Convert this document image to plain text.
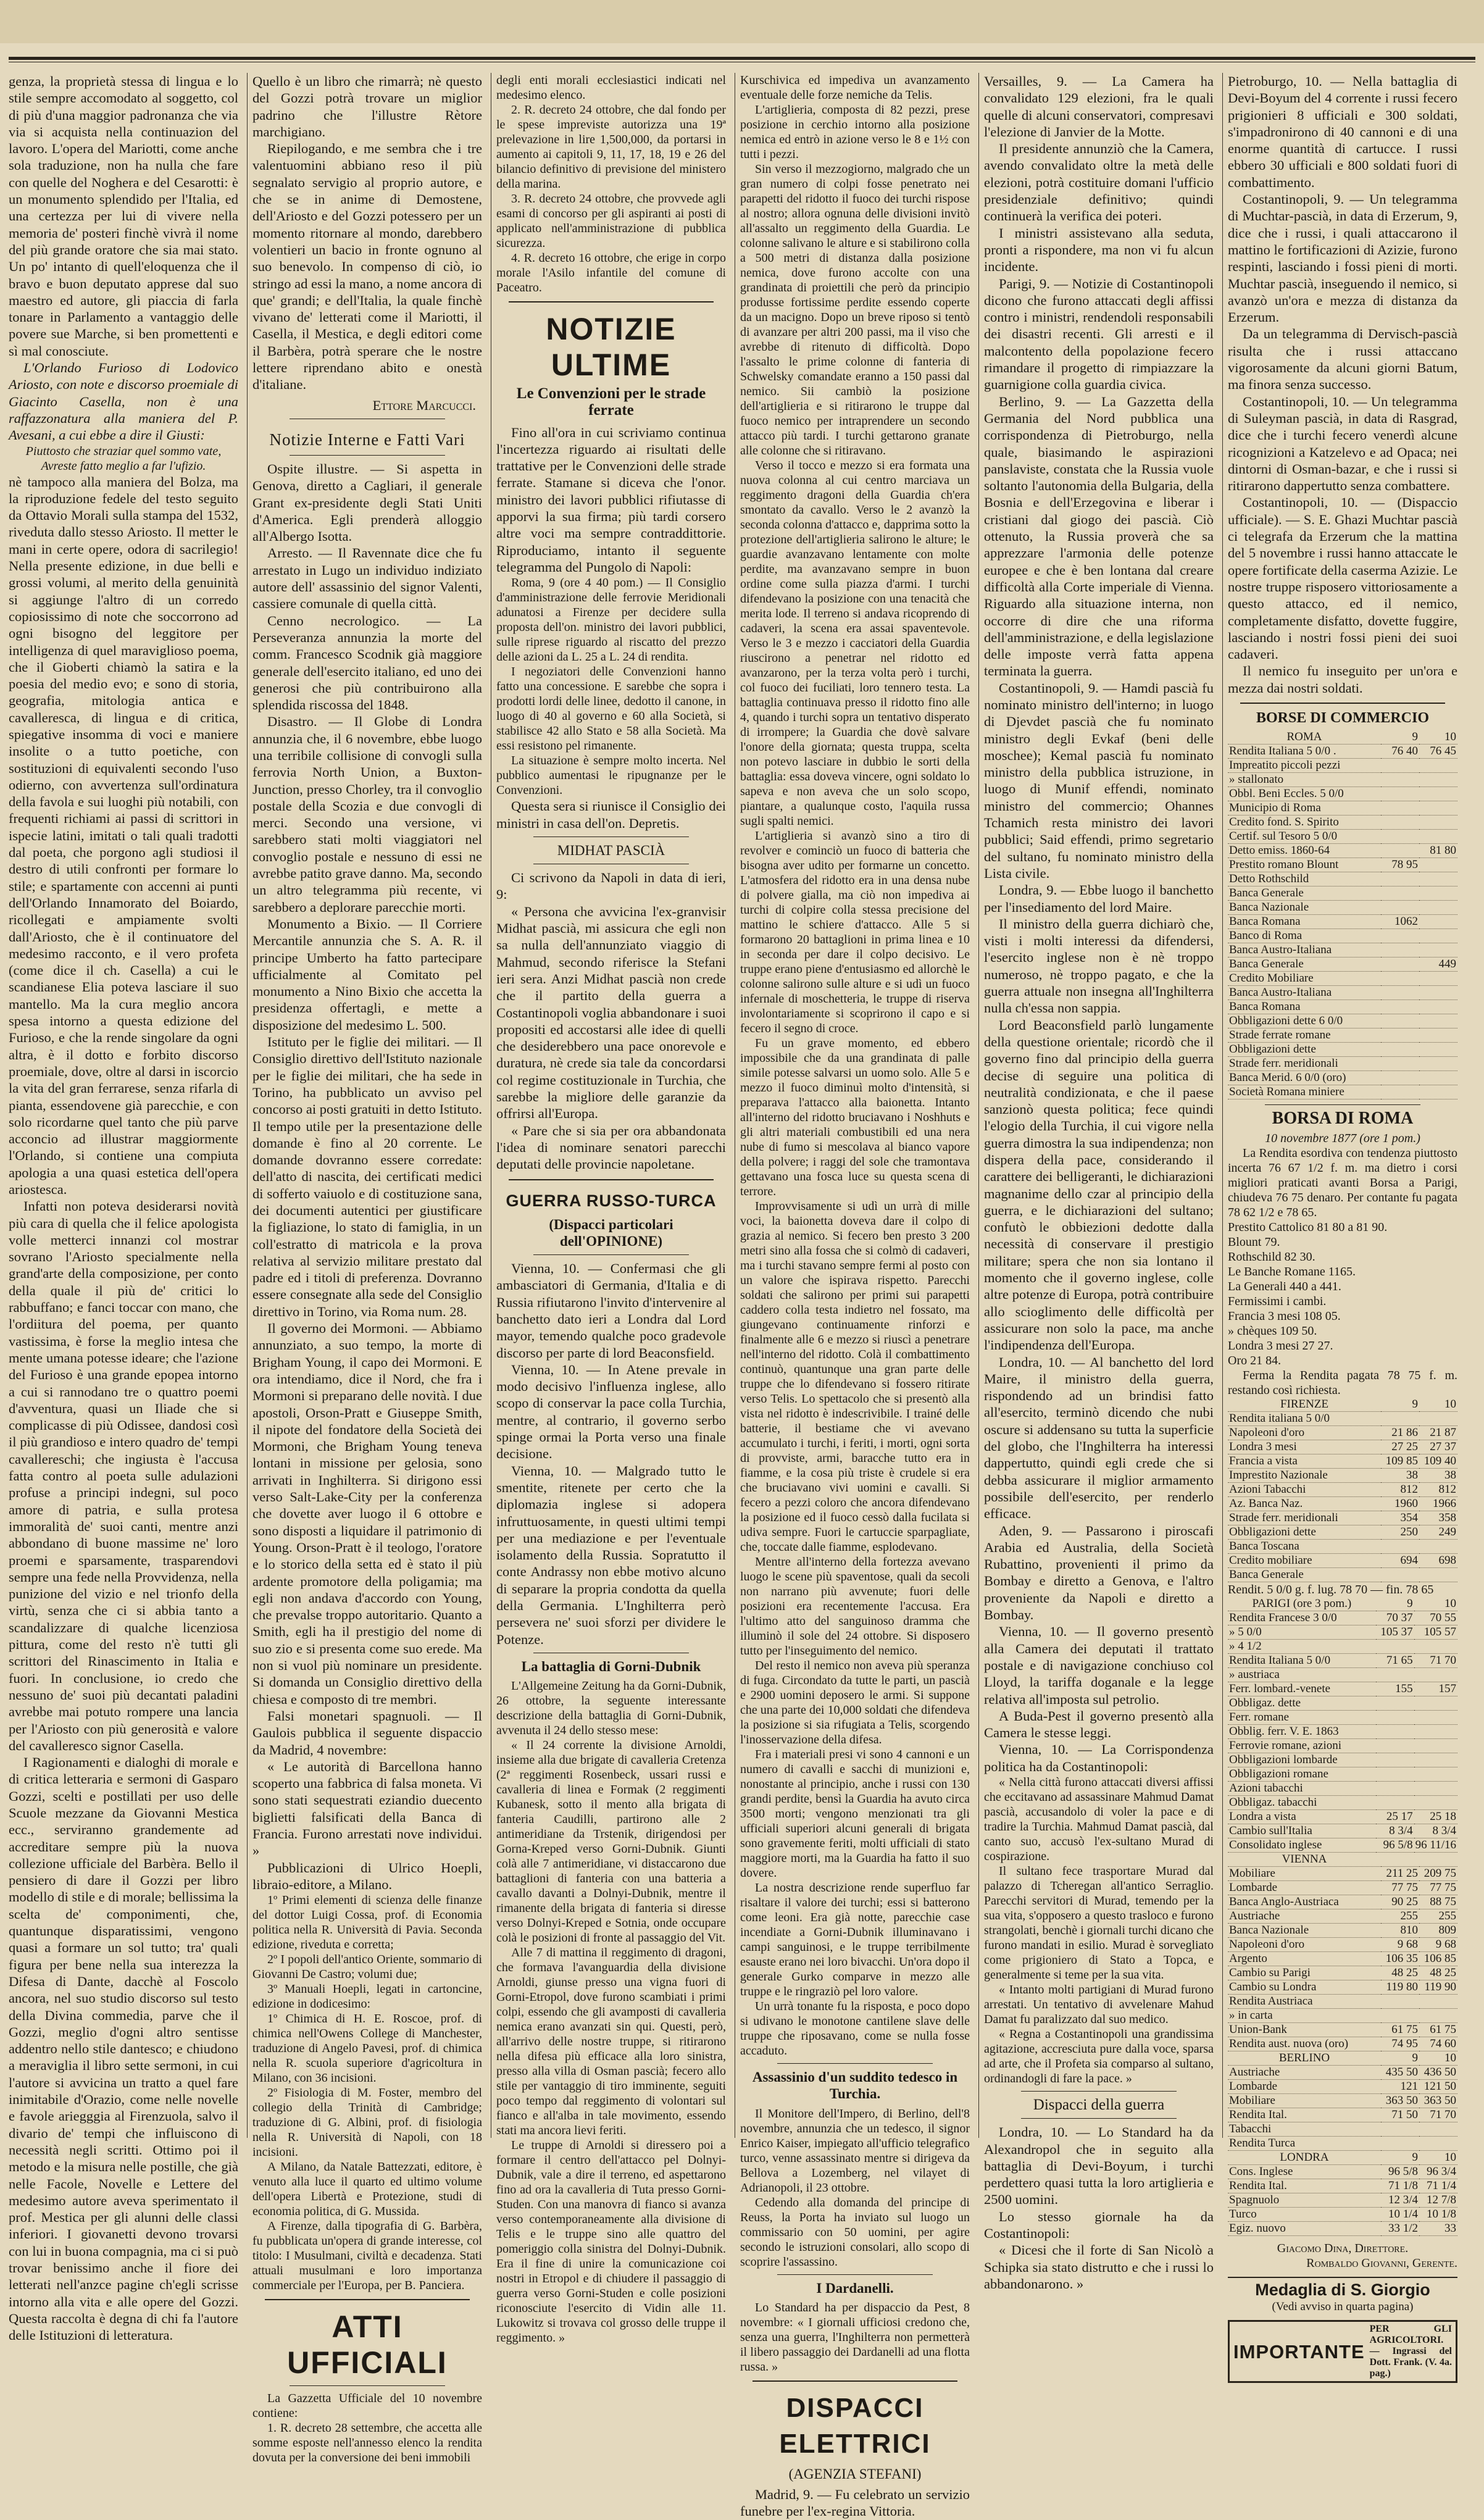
genza, la proprietà stessa di lingua e lo stile sempre accomodato al soggetto, col di più d'una maggior padronanza che via via si acquista nella continuazion del lavoro. L'opera del Mariotti, come anche sola traduzione, non ha nulla che fare con quelle del Noghera e del Cesarotti: è un monumento splendido per l'Italia, ed una certezza per lui di vivere nella memoria de' posteri finchè vivrà il nome del più grande oratore che sia mai stato. Un po' intanto di quell'eloquenza che il bravo e buon deputato apprese dal suo maestro ed autore, gli piaccia di farla tonare in Parlamento a vantaggio delle povere sue Marche, si ben promettenti e sì mal conosciute.

L'Orlando Furioso di Lodovico Ariosto, con note e discorso proemiale di Giacinto Casella, non è una raffazzonatura alla maniera del P. Avesani, a cui ebbe a dire il Giusti:

Piuttosto che straziar quel sommo vate, Avreste fatto meglio a far l'ufizio.

nè tampoco alla maniera del Bolza, ma la riproduzione fedele del testo seguito da Ottavio Morali sulla stampa del 1532, riveduta dallo stesso Ariosto. Il metter le mani in certe opere, odora di sacrilegio! Nella presente edizione, in due belli e grossi volumi, al merito della genuinità si aggiunge l'altro di un corredo copiosissimo di note che soccorrono ad ogni bisogno del leggitore per intelligenza di quel maraviglioso poema, che il Gioberti chiamò la satira e la poesia del medio evo; e sono di storia, geografia, mitologia antica e cavalleresca, di lingua e di critica, spiegative insomma di voci e maniere insolite o a tutto poetiche, con sostituzioni di equivalenti secondo l'uso odierno, con avvertenza sull'ordinatura della favola e sui luoghi più notabili, con frequenti richiami ai passi di scrittori in ispecie latini, imitati o tali quali tradotti dal poeta, che porgono agli studiosi il destro di utili confronti per formare lo stile; e spartamente con accenni ai punti dell'Orlando Innamorato del Boiardo, ricollegati e ampiamente svolti dall'Ariosto, che è il continuatore del medesimo racconto, e il vero profeta (come dice il ch. Casella) a cui le scandianese Elia poteva lasciare il suo mantello. Ma la cura meglio ancora spesa intorno a questa edizione del Furioso, e che la rende singolare da ogni altra, è il dotto e forbito discorso proemiale, dove, oltre al darsi in iscorcio la vita del gran ferrarese, senza rifarla di pianta, essendovene già parecchie, e con solo ricordarne quel tanto che più parve acconcio ad illustrar maggiormente l'Orlando, si contiene una compiuta apologia a una quasi estetica dell'opera ariostesca.

Infatti non poteva desiderarsi novità più cara di quella che il felice apologista volle metterci innanzi col mostrar sovrano l'Ariosto specialmente nella grand'arte della composizione, per conto della quale il più de' critici lo rabbuffano; e fanci toccar con mano, che l'ordiitura del poema, per quanto vastissima, è forse la meglio intesa che mente umana potesse ideare; che l'azione del Furioso è una grande epopea intorno a cui si rannodano tre o quattro poemi d'avventura, quasi un Iliade che si complicasse di più Odissee, dandosi così il più grandioso e intero quadro de' tempi cavallereschi; che ingiusta è l'accusa fatta contro al poeta sulle adulazioni profuse a principi indegni, sul poco amore di patria, e sulla protesa immoralità de' suoi canti, mentre anzi abbondano di buone massime ne' loro proemi e sparsamente, trasparendovi sempre una fede nella Provvidenza, nella punizione del vizio e nel trionfo della virtù, senza che ci si abbia tanto a scandalizzare di qualche licenziosa pittura, come del resto n'è tutti gli scrittori del Rinascimento in Italia e fuori. In conclusione, io credo che nessuno de' suoi più decantati paladini avrebbe mai potuto rompere una lancia per l'Ariosto con più generosità e valore del cavalleresco signor Casella.

I Ragionamenti e dialoghi di morale e di critica letteraria e sermoni di Gasparo Gozzi, scelti e postillati per uso delle Scuole mezzane da Giovanni Mestica ecc., serviranno grandemente ad accreditare sempre più la nuova collezione ufficiale del Barbèra. Bello il pensiero di dare il Gozzi per libro modello di stile e di morale; bellissima la scelta de' componimenti, che, quantunque disparatissimi, vengono quasi a formare un sol tutto; tra' quali figura per bene nella sua interezza la Difesa di Dante, dacchè al Foscolo ancora, nel suo studio discorso sul testo della Divina commedia, parve che il Gozzi, meglio d'ogni altro sentisse addentro nello stile dantesco; e chiudono a meraviglia il libro sette sermoni, in cui l'autore si avvicina un tratto a quel fare inimitabile d'Orazio, come nelle novelle e favole ariegggia al Firenzuola, salvo il divario de' tempi che influiscono di necessità negli scritti. Ottimo poi il metodo e la misura nelle postille, che già nelle Facole, Novelle e Lettere del medesimo autore aveva sperimentato il prof. Mestica per gli alunni delle classi inferiori. I giovanetti devono trovarsi con lui in buona compagnia, ma ci si può trovar benissimo anche il fiore dei letterati nell'anzce pagine ch'egli scrisse intorno alla vita e alle opere del Gozzi. Questa raccolta è degna di chi fa l'autore delle Istituzioni di letteratura.

Quello è un libro che rimarrà; nè questo del Gozzi potrà trovare un miglior padrino che l'illustre Rètore marchigiano.

Riepilogando, e me sembra che i tre valentuomini abbiano reso il più segnalato servigio al proprio autore, e che se in anime di Demostene, dell'Ariosto e del Gozzi potessero per un momento ritornare al mondo, darebbero volentieri un bacio in fronte ognuno al suo benevolo. In compenso di ciò, io stringo ad essi la mano, a nome ancora di que' grandi; e dell'Italia, la quale finchè vivano de' letterati come il Mariotti, il Casella, il Mestica, e degli editori come il Barbèra, potrà sperare che le nostre lettere riprendano abito e onestà d'italiane.

Ettore Marcucci.
Notizie Interne e Fatti Vari

Ospite illustre. — Si aspetta in Genova, diretto a Cagliari, il generale Grant ex-presidente degli Stati Uniti d'America. Egli prenderà alloggio all'Albergo Isotta.

Arresto. — Il Ravennate dice che fu arrestato in Lugo un individuo indiziato autore dell' assassinio del signor Valenti, cassiere comunale di quella città.

Cenno necrologico. — La Perseveranza annunzia la morte del comm. Francesco Scodnik già maggiore generale dell'esercito italiano, ed uno dei generosi che più contribuirono alla splendida riscossa del 1848.

Disastro. — Il Globe di Londra annunzia che, il 6 novembre, ebbe luogo una terribile collisione di convogli sulla ferrovia North Union, a Buxton-Junction, presso Chorley, tra il convoglio postale della Scozia e due convogli di merci. Secondo una versione, vi sarebbero stati molti viaggiatori nel convoglio postale e nessuno di essi ne avrebbe patito grave danno. Ma, secondo un altro telegramma più recente, vi sarebbero a deplorare parecchie morti.

Monumento a Bixio. — Il Corriere Mercantile annunzia che S. A. R. il principe Umberto ha fatto partecipare ufficialmente al Comitato pel monumento a Nino Bixio che accetta la presidenza offertagli, e mette a disposizione del medesimo L. 500.

Istituto per le figlie dei militari. — Il Consiglio direttivo dell'Istituto nazionale per le figlie dei militari, che ha sede in Torino, ha pubblicato un avviso pel concorso ai posti gratuiti in detto Istituto. Il tempo utile per la presentazione delle domande è fino al 20 corrente. Le domande dovranno essere corredate: dell'atto di nascita, dei certificati medici di sofferto vaiuolo e di costituzione sana, dei documenti autentici per giustificare la figliazione, lo stato di famiglia, in un coll'estratto di matricola e la prova relativa al servizio militare prestato dal padre ed i titoli di preferenza. Dovranno essere consegnate alla sede del Consiglio direttivo in Torino, via Roma num. 28.

Il governo dei Mormoni. — Abbiamo annunziato, a suo tempo, la morte di Brigham Young, il capo dei Mormoni. E ora intendiamo, dice il Nord, che fra i Mormoni si preparano delle novità. I due apostoli, Orson-Pratt e Giuseppe Smith, il nipote del fondatore della Società dei Mormoni, che Brigham Young teneva lontani in missione per gelosia, sono arrivati in Inghilterra. Si dirigono essi verso Salt-Lake-City per la conferenza che dovette aver luogo il 6 ottobre e sono disposti a liquidare il patrimonio di Young. Orson-Pratt è il teologo, l'oratore e lo storico della setta ed è stato il più ardente promotore della poligamia; ma egli non andava d'accordo con Young, che prevalse troppo autoritario. Quanto a Smith, egli ha il prestigio del nome di suo zio e si presenta come suo erede. Ma non si vuol più nominare un presidente. Si domanda un Consiglio direttivo della chiesa e composto di tre membri.

Falsi monetari spagnuoli. — Il Gaulois pubblica il seguente dispaccio da Madrid, 4 novembre:

« Le autorità di Barcellona hanno scoperto una fabbrica di falsa moneta. Vi sono stati sequestrati eziandio duecento biglietti falsificati della Banca di Francia. Furono arrestati nove individui. »

Pubblicazioni di Ulrico Hoepli, libraio-editore, a Milano.

1º Primi elementi di scienza delle finanze del dottor Luigi Cossa, prof. di Economia politica nella R. Università di Pavia. Seconda edizione, riveduta e corretta;

2º I popoli dell'antico Oriente, sommario di Giovanni De Castro; volumi due;

3º Manuali Hoepli, legati in cartoncine, edizione in dodicesimo:

1º Chimica di H. E. Roscoe, prof. di chimica nell'Owens College di Manchester, traduzione di Angelo Pavesi, prof. di chimica nella R. scuola superiore d'agricoltura in Milano, con 36 incisioni.

2º Fisiologia di M. Foster, membro del collegio della Trinità di Cambridge; traduzione di G. Albini, prof. di fisiologia nella R. Università di Napoli, con 18 incisioni.

A Milano, da Natale Battezzati, editore, è venuto alla luce il quarto ed ultimo volume dell'opera Libertà e Protezione, studi di economia politica, di G. Mussida.

A Firenze, dalla tipografia di G. Barbèra, fu pubblicata un'opera di grande interesse, col titolo: I Musulmani, civiltà e decadenza. Stati attuali musulmani e loro importanza commerciale per l'Europa, per B. Panciera.

ATTI UFFICIALI

La Gazzetta Ufficiale del 10 novembre contiene:

1. R. decreto 28 settembre, che accetta alle somme esposte nell'annesso elenco la rendita dovuta per la conversione dei beni immobili

degli enti morali ecclesiastici indicati nel medesimo elenco.

2. R. decreto 24 ottobre, che dal fondo per le spese impreviste autorizza una 19ª prelevazione in lire 1,500,000, da portarsi in aumento ai capitoli 9, 11, 17, 18, 19 e 26 del bilancio definitivo di previsione del ministero della marina.

3. R. decreto 24 ottobre, che provvede agli esami di concorso per gli aspiranti ai posti di applicato nell'amministrazione di pubblica sicurezza.

4. R. decreto 16 ottobre, che erige in corpo morale l'Asilo infantile del comune di Paceatro.

NOTIZIE ULTIME
Le Convenzioni per le strade ferrate

Fino all'ora in cui scriviamo continua l'incertezza riguardo ai risultati delle trattative per le Convenzioni delle strade ferrate. Stamane si diceva che l'onor. ministro dei lavori pubblici rifiutasse di apporvi la sua firma; più tardi corsero altre voci ma sempre contraddittorie. Riproduciamo, intanto il seguente telegramma del Pungolo di Napoli:

Roma, 9 (ore 4 40 pom.) — Il Consiglio d'amministrazione delle ferrovie Meridionali adunatosi a Firenze per decidere sulla proposta dell'on. ministro dei lavori pubblici, sulle riprese riguardo al riscatto del prezzo delle azioni da L. 25 a L. 24 di rendita.

I negoziatori delle Convenzioni hanno fatto una concessione. E sarebbe che sopra i prodotti lordi delle linee, dedotto il canone, in luogo di 40 al governo e 60 alla Società, si stabilisce 42 allo Stato e 58 alla Società. Ma essi resistono pel rimanente.

La situazione è sempre molto incerta. Nel pubblico aumentasi le ripugnanze per le Convenzioni.

Questa sera si riunisce il Consiglio dei ministri in casa dell'on. Depretis.

MIDHAT PASCIÀ

Ci scrivono da Napoli in data di ieri, 9:

« Persona che avvicina l'ex-granvisir Midhat pascià, mi assicura che egli non sa nulla dell'annunziato viaggio di Mahmud, secondo riferisce la Stefani ieri sera. Anzi Midhat pascià non crede che il partito della guerra a Costantinopoli voglia abbandonare i suoi propositi ed accostarsi alle idee di quelli che desiderebbero una pace onorevole e duratura, nè crede sia tale da concordarsi col regime costituzionale in Turchia, che sarebbe la migliore delle garanzie da offrirsi all'Europa.

« Pare che si sia per ora abbandonata l'idea di nominare senatori parecchi deputati delle provincie napoletane.

GUERRA RUSSO-TURCA
(Dispacci particolari dell'OPINIONE)

Vienna, 10. — Confermasi che gli ambasciatori di Germania, d'Italia e di Russia rifiutarono l'invito d'intervenire al banchetto dato ieri a Londra dal Lord mayor, temendo qualche poco gradevole discorso per parte di lord Beaconsfield.

Vienna, 10. — In Atene prevale in modo decisivo l'influenza inglese, allo scopo di conservar la pace colla Turchia, mentre, al contrario, il governo serbo spinge ormai la Porta verso una finale decisione.

Vienna, 10. — Malgrado tutto le smentite, ritenete per certo che la diplomazia inglese si adopera infruttuosamente, in questi ultimi tempi per una mediazione e per l'eventuale isolamento della Russia. Sopratutto il conte Andrassy non ebbe motivo alcuno di separare la propria condotta da quella della Germania. L'Inghilterra però persevera ne' suoi sforzi per dividere le Potenze.

La battaglia di Gorni-Dubnik

L'Allgemeine Zeitung ha da Gorni-Dubnik, 26 ottobre, la seguente interessante descrizione della battaglia di Gorni-Dubnik, avvenuta il 24 dello stesso mese:

« Il 24 corrente la divisione Arnoldi, insieme alla due brigate di cavalleria Cretenza (2ª reggimenti Rosenbeck, ussari russi e cavalleria di linea e Formak (2 reggimenti Kubanesk, sotto il mento alla brigata di fanteria Caudilli, partirono alle 2 antimeridiane da Trstenik, dirigendosi per Gorna-Kreped verso Gorni-Dubnik. Giunti colà alle 7 antimeridiane, vi distaccarono due battaglioni di fanteria con una batteria a cavallo davanti a Dolnyi-Dubnik, mentre il rimanente della brigata di fanteria si diresse verso Dolnyi-Kreped e Sotnia, onde occupare colà le posizioni di fronte al passaggio del Vit.

Alle 7 di mattina il reggimento di dragoni, che formava l'avanguardia della divisione Arnoldi, giunse presso una vigna fuori di Gorni-Etropol, dove furono scambiati i primi colpi, essendo che gli avamposti di cavalleria nemica erano avanzati sin qui. Questi, però, all'arrivo delle nostre truppe, si ritirarono nella difesa più efficace alla loro sinistra, presso alla villa di Osman pascià; fecero allo stile per vantaggio di tiro imminente, seguiti poco tempo dal reggimento di volontari sul fianco e all'alba in tale movimento, essendo stati ma ancora lievi feriti.

Le truppe di Arnoldi si diressero poi a formare il centro dell'attacco pel Dolnyi-Dubnik, vale a dire il terreno, ed aspettarono fino ad ora la cavalleria di Tuta presso Gorni-Studen. Con una manovra di fianco si avanza verso contemporaneamente alla divisione di Telis e le truppe sino alle quattro del pomeriggio colla sinistra del Dolnyi-Dubnik. Era il fine di unire la comunicazione coi nostri in Etropol e di chiudere il passaggio di guerra verso Gorni-Studen e colle posizioni riconosciute l'esercito di Vidin alle 11. Lukowitz si trovava col grosso delle truppe il reggimento. »

Kurschivica ed impediva un avanzamento eventuale delle forze nemiche da Telis.

L'artiglieria, composta di 82 pezzi, prese posizione in cerchio intorno alla posizione nemica ed entrò in azione verso le 8 e 1½ con tutti i pezzi.

Sin verso il mezzogiorno, malgrado che un gran numero di colpi fosse penetrato nei parapetti del ridotto il fuoco dei turchi rispose al nostro; allora ognuna delle divisioni invitò all'assalto un reggimento della Guardia. Le colonne salivano le alture e si stabilirono colla a 500 metri di distanza dalla posizione nemica, dove furono accolte con una grandinata di proiettili che però da principio produsse fortissime perdite essendo coperte da un macigno. Dopo un breve riposo si tentò di avanzare per altri 200 passi, ma il viso che avrebbe di ritenuto di difficoltà. Dopo l'assalto le prime colonne di fanteria di Schwelsky comandate eranno a 150 passi dal nemico. Sii cambiò la posizione dell'artiglieria e si ritirarono le truppe dal fuoco nemico per intraprendere un secondo attacco più tardi. I turchi gettarono granate alle colonne che si ritiravano.

Verso il tocco e mezzo si era formata una nuova colonna al cui centro marciava un reggimento dragoni della Guardia ch'era smontato da cavallo. Verso le 2 avanzò la seconda colonna d'attacco e, dapprima sotto la protezione dell'artiglieria salirono le alture; le guardie avanzavano lentamente con molte perdite, ma avanzavano sempre in buon ordine come sulla piazza d'armi. I turchi difendevano la posizione con una tenacità che merita lode. Il terreno si andava ricoprendo di cadaveri, la scena era assai spaventevole. Verso le 3 e mezzo i cacciatori della Guardia riuscirono a penetrar nel ridotto ed avanzarono, per la terza volta però i turchi, col fuoco dei fuciliati, loro tennero testa. La battaglia continuava presso il ridotto fino alle 4, quando i turchi sopra un tentativo disperato di irrompere; la Guardia che dovè salvare l'onore della giornata; questa truppa, scelta non potevo lasciare in dubbio le sorti della battaglia: essa doveva vincere, ogni soldato lo sapeva e non aveva che un solo scopo, piantare, a qualunque costo, l'aquila russa sugli spalti nemici.

L'artiglieria si avanzò sino a tiro di revolver e cominciò un fuoco di batteria che bisogna aver udito per formarne un concetto. L'atmosfera del ridotto era in una densa nube di polvere gialla, ma ciò non impediva ai turchi di colpire colla stessa precisione del mattino le schiere d'attacco. Alle 5 si formarono 20 battaglioni in prima linea e 10 in seconda per dare il colpo decisivo. Le truppe erano piene d'entusiasmo ed allorchè le colonne salirono sulle alture e si udì un fuoco infernale di moschetteria, le truppe di riserva involontariamente si scoprirono il capo e si fecero il segno di croce.

Fu un grave momento, ed ebbero impossibile che da una grandinata di palle simile potesse salvarsi un uomo solo. Alle 5 e mezzo il fuoco diminuì molto d'intensità, si preparava l'attacco alla baionetta. Intanto all'interno del ridotto bruciavano i Noshhuts e gli altri materiali combustibili ed una nera nube di fumo si mescolava al bianco vapore della polvere; i raggi del sole che tramontava gettavano una fosca luce su questa scena di terrore.

Improvvisamente si udì un urrà di mille voci, la baionetta doveva dare il colpo di grazia al nemico. Si fecero ben presto 3 200 metri sino alla fossa che si colmò di cadaveri, ma i turchi stavano sempre fermi al posto con un valore che ispirava rispetto. Parecchi soldati che salirono per primi sui parapetti caddero colla testa indietro nel fossato, ma giungevano continuamente rinforzi e finalmente alle 6 e mezzo si riuscì a penetrare nell'interno del ridotto. Colà il combattimento continuò, quantunque una gran parte delle truppe che lo difendevano si fossero ritirate verso Telis. Lo spettacolo che si presentò alla vista nel ridotto è indescrivibile. I trainé delle batterie, il bestiame che vi avevano accumulato i turchi, i feriti, i morti, ogni sorta di provviste, armi, baracche tutto era in fiamme, e la cosa più triste è crudele si era che bruciavano vivi uomini e cavalli. Si fecero a pezzi coloro che ancora difendevano la posizione ed il fuoco cessò dalla fucilata si udiva sempre. Fuori le cartuccie sparpagliate, che, toccate dalle fiamme, esplodevano.

Mentre all'interno della fortezza avevano luogo le scene più spaventose, quali da secoli non narrano più avvenute; fuori delle posizioni era recentemente l'accusa. Era l'ultimo atto del sanguinoso dramma che illuminò il sole del 24 ottobre. Si disposero tutto per l'inseguimento del nemico.

Del resto il nemico non aveva più speranza di fuga. Circondato da tutte le parti, un pascià e 2900 uomini deposero le armi. Si suppone che una parte dei 10,000 soldati che difendeva la posizione si sia rifugiata a Telis, scorgendo l'inosservazione della difesa.

Fra i materiali presi vi sono 4 cannoni e un numero di cavalli e sacchi di munizioni e, nonostante al principio, anche i russi con 130 grandi perdite, bensì la Guardia ha avuto circa 3500 morti; vengono menzionati tra gli ufficiali superiori alcuni generali di brigata sono gravemente feriti, molti ufficiali di stato maggiore morti, ma la Guardia ha fatto il suo dovere.

La nostra descrizione rende superfluo far risaltare il valore dei turchi; essi si batterono come leoni. Era già notte, parecchie case incendiate a Gorni-Dubnik illuminavano i campi sanguinosi, e le truppe terribilmente esauste erano nei loro bivacchi. Un'ora dopo il generale Gurko comparve in mezzo alle truppe e le ringraziò pel loro valore.

Un urrà tonante fu la risposta, e poco dopo si udivano le monotone cantilene slave delle truppe che riposavano, come se nulla fosse accaduto.

Assassinio d'un suddito tedesco in Turchia.

Il Monitore dell'Impero, di Berlino, dell'8 novembre, annunzia che un tedesco, il signor Enrico Kaiser, impiegato all'ufficio telegrafico turco, venne assassinato mentre si dirigeva da Bellova a Lozemberg, nel vilayet di Adrianopoli, il 23 ottobre.

Cedendo alla domanda del principe di Reuss, la Porta ha inviato sul luogo un commissario con 50 uomini, per agire secondo le istruzioni consolari, allo scopo di scoprire l'assassino.

I Dardanelli.

Lo Standard ha per dispaccio da Pest, 8 novembre: « I giornali ufficiosi credono che, senza una guerra, l'Inghilterra non permetterà il libero passaggio dei Dardanelli ad una flotta russa. »

DISPACCI ELETTRICI
(AGENZIA STEFANI)

Madrid, 9. — Fu celebrato un servizio funebre per l'ex-regina Vittoria.

Versailles, 9. — La Camera ha convalidato 129 elezioni, fra le quali quelle di alcuni conservatori, compresavi l'elezione di Janvier de la Motte.

Il presidente annunziò che la Camera, avendo convalidato oltre la metà delle elezioni, potrà costituire domani l'ufficio presidenziale definitivo; quindi continuerà la verifica dei poteri.

I ministri assistevano alla seduta, pronti a rispondere, ma non vi fu alcun incidente.

Parigi, 9. — Notizie di Costantinopoli dicono che furono attaccati degli affissi contro i ministri, rendendoli responsabili dei disastri recenti. Gli arresti e il malcontento della popolazione fecero rimandare il progetto di rimpiazzare la guarnigione colla guardia civica.

Berlino, 9. — La Gazzetta della Germania del Nord pubblica una corrispondenza di Pietroburgo, nella quale, biasimando le aspirazioni panslaviste, constata che la Russia vuole soltanto l'autonomia della Bulgaria, della Bosnia e dell'Erzegovina e liberar i cristiani dal giogo dei pascià. Ciò ottenuto, la Russia proverà che sa apprezzare l'armonia delle potenze europee e che è ben lontana dal creare difficoltà alla Corte imperiale di Vienna. Riguardo alla situazione interna, non occorre di dire che una riforma dell'amministrazione, e della legislazione delle imposte verrà fatta appena terminata la guerra.

Costantinopoli, 9. — Hamdi pascià fu nominato ministro dell'interno; in luogo di Djevdet pascià che fu nominato ministro degli Evkaf (beni delle moschee); Kemal pascià fu nominato ministro della pubblica istruzione, in luogo di Munif effendi, nominato ministro del commercio; Ohannes Tchamich resta ministro dei lavori pubblici; Said effendi, primo segretario del sultano, fu nominato ministro della Lista civile.

Londra, 9. — Ebbe luogo il banchetto per l'insediamento del lord Maire.

Il ministro della guerra dichiarò che, visti i molti interessi da difendersi, l'esercito inglese non è nè troppo numeroso, nè troppo pagato, e che la guerra attuale non insegna all'Inghilterra nulla ch'essa non sappia.

Lord Beaconsfield parlò lungamente della questione orientale; ricordò che il governo fino dal principio della guerra decise di seguire una politica di neutralità condizionata, e che il paese sanzionò questa politica; fece quindi l'elogio della Turchia, il cui vigore nella guerra dimostra la sua indipendenza; non dispera della pace, considerando il carattere dei belligeranti, le dichiarazioni magnanime dello czar al principio della guerra, e le dichiarazioni del sultano; confutò le obbiezioni dedotte dalla necessità di conservare il prestigio militare; spera che non sia lontano il momento che il governo inglese, colle altre potenze di Europa, potrà contribuire allo scioglimento delle difficoltà per assicurare non solo la pace, ma anche l'indipendenza dell'Europa.

Londra, 10. — Al banchetto del lord Maire, il ministro della guerra, rispondendo ad un brindisi fatto all'esercito, terminò dicendo che nubi oscure si addensano su tutta la superficie del globo, che l'Inghilterra ha interessi dappertutto, quindi egli crede che si debba assicurare il miglior armamento possibile dell'esercito, per renderlo efficace.

Aden, 9. — Passarono i piroscafi Arabia ed Australia, della Società Rubattino, provenienti il primo da Bombay e diretto a Genova, e l'altro proveniente da Napoli e diretto a Bombay.

Vienna, 10. — Il governo presentò alla Camera dei deputati il trattato postale e di navigazione conchiuso col Lloyd, la tariffa doganale e la legge relativa all'imposta sul petrolio.

A Buda-Pest il governo presentò alla Camera le stesse leggi.

Vienna, 10. — La Corrispondenza politica ha da Costantinopoli:

« Nella città furono attaccati diversi affissi che eccitavano ad assassinare Mahmud Damat pascià, accusandolo di voler la pace e di tradire la Turchia. Mahmud Damat pascià, dal canto suo, accusò l'ex-sultano Murad di cospirazione.

Il sultano fece trasportare Murad dal palazzo di Tcheregan all'antico Serraglio. Parecchi servitori di Murad, temendo per la sua vita, s'opposero a questo trasloco e furono strangolati, benchè i giornali turchi dicano che furono mandati in esilio. Murad è sorvegliato come prigioniero di Stato a Topca, e generalmente si teme per la sua vita.

« Intanto molti partigiani di Murad furono arrestati. Un tentativo di avvelenare Mahud Damat fu paralizzato dal suo medico.

« Regna a Costantinopoli una grandissima agitazione, accresciuta pure dalla voce, sparsa ad arte, che il Profeta sia comparso al sultano, ordinandogli di fare la pace. »

Dispacci della guerra

Londra, 10. — Lo Standard ha da Alexandropol che in seguito alla battaglia di Devi-Boyum, i turchi perdettero quasi tutta la loro artiglieria e 2500 uomini.

Lo stesso giornale ha da Costantinopoli:

« Dicesi che il forte di San Nicolò a Schipka sia stato distrutto e che i russi lo abbandonarono. »

Pietroburgo, 10. — Nella battaglia di Devi-Boyum del 4 corrente i russi fecero prigionieri 8 ufficiali e 300 soldati, s'impadronirono di 40 cannoni e di una enorme quantità di cartucce. I russi ebbero 30 ufficiali e 800 soldati fuori di combattimento.

Costantinopoli, 9. — Un telegramma di Muchtar-pascià, in data di Erzerum, 9, dice che i russi, i quali attaccarono il mattino le fortificazioni di Azizie, furono respinti, lasciando i fossi pieni di morti. Muchtar pascià, inseguendo il nemico, si avanzò un'ora e mezza di distanza da Erzerum.

Da un telegramma di Dervisch-pascià risulta che i russi attaccano vigorosamente da alcuni giorni Batum, ma finora senza successo.

Costantinopoli, 10. — Un telegramma di Suleyman pascià, in data di Rasgrad, dice che i turchi fecero venerdì alcune ricognizioni a Katzelevo e ad Opaca; nei dintorni di Osman-bazar, e che i russi si ritirarono dappertutto senza combattere.

Costantinopoli, 10. — (Dispaccio ufficiale). — S. E. Ghazi Muchtar pascià ci telegrafa da Erzerum che la mattina del 5 novembre i russi hanno attaccate le opere fortificate della caserma Azizie. Le nostre truppe risposero vittoriosamente a questo attacco, ed il nemico, completamente disfatto, dovette fuggire, lasciando i nostri fossi pieni dei suoi cadaveri.

Il nemico fu inseguito per un'ora e mezza dai nostri soldati.

BORSE DI COMMERCIO
ROMA	9	10
Rendita Italiana 5 0/0 .	76 40	76 45
Impreatito piccoli pezzi		
» stallonato		
Obbl. Beni Eccles. 5 0/0		
Municipio di Roma		
Credito fond. S. Spirito		
Certif. sul Tesoro 5 0/0		
Detto emiss. 1860-64		81 80
Prestito romano Blount	78 95	
Detto Rothschild		
Banca Generale		
Banca Nazionale		
Banca Romana	1062	
Banco di Roma		
Banca Austro-Italiana		
Banca Generale		449
Credito Mobiliare		
Banca Austro-Italiana		
Banca Romana		
Obbligazioni dette 6 0/0		
Strade ferrate romane		
Obbligazioni dette		
Strade ferr. meridionali		
Banca Merid. 6 0/0 (oro)		
Società Romana miniere		
BORSA DI ROMA
10 novembre 1877 (ore 1 pom.)

La Rendita esordiva con tendenza piuttosto incerta 76 67 1/2 f. m. ma dietro i corsi migliori praticati avanti Borsa a Parigi, chiudeva 76 75 denaro. Per contante fu pagata 78 62 1/2 e 78 65.

Prestito Cattolico 81 80 a 81 90.
Blount 79.
Rothschild 82 30.
Le Banche Romane 1165.
La Generali 440 a 441.
Fermissimi i cambi.
Francia 3 mesi 108 05.
» chèques 109 50.
Londra 3 mesi 27 27.
Oro 21 84.

Ferma la Rendita pagata 78 75 f. m. restando così richiesta.

FIRENZE	9	10
Rendita italiana 5 0/0		
Napoleoni d'oro	21 86	21 87
Londra 3 mesi	27 25	27 37
Francia a vista	109 85	109 40
Imprestito Nazionale	38	38
Azioni Tabacchi	812	812
Az. Banca Naz.	1960	1966
Strade ferr. meridionali	354	358
Obbligazioni dette	250	249
Banca Toscana		
Credito mobiliare	694	698
Banca Generale		
Rendit. 5 0/0 g. f. lug. 78 70 — fin. 78 65
PARIGI (ore 3 pom.)	9	10
Rendita Francese 3 0/0	70 37	70 55
» 5 0/0	105 37	105 57
» 4 1/2		
Rendita Italiana 5 0/0	71 65	71 70
» austriaca		
Ferr. lombard.-venete	155	157
Obbligaz. dette		
Ferr. romane		
Obblig. ferr. V. E. 1863		
Ferrovie romane, azioni		
Obbligazioni lombarde		
Obbligazioni romane		
Azioni tabacchi		
Obbligaz. tabacchi		
Londra a vista	25 17	25 18
Cambio sull'Italia	8 3/4	8 3/4
Consolidato inglese	96 5/8	96 11/16
VIENNA		
Mobiliare	211 25	209 75
Lombarde	77 75	77 75
Banca Anglo-Austriaca	90 25	88 75
Austriache	255	255
Banca Nazionale	810	809
Napoleoni d'oro	9 68	9 68
Argento	106 35	106 85
Cambio su Parigi	48 25	48 25
Cambio su Londra	119 80	119 90
Rendita Austriaca		
» in carta		
Union-Bank	61 75	61 75
Rendita aust. nuova (oro)	74 95	74 60
BERLINO	9	10
Austriache	435 50	436 50
Lombarde	121	121 50
Mobiliare	363 50	363 50
Rendita Ital.	71 50	71 70
Tabacchi		
Rendita Turca		
LONDRA	9	10
Cons. Inglese	96 5/8	96 3/4
Rendita Ital.	71 1/8	71 1/4
Spagnuolo	12 3/4	12 7/8
Turco	10 1/4	10 1/8
Egiz. nuovo	33 1/2	33
Giacomo Dina, Direttore.
Rombaldo Giovanni, Gerente.
Medaglia di S. Giorgio
(Vedi avviso in quarta pagina)
IMPORTANTE
PER GLI AGRICOLTORI. — Ingrassi del Dott. Frank. (V. 4a. pag.)
